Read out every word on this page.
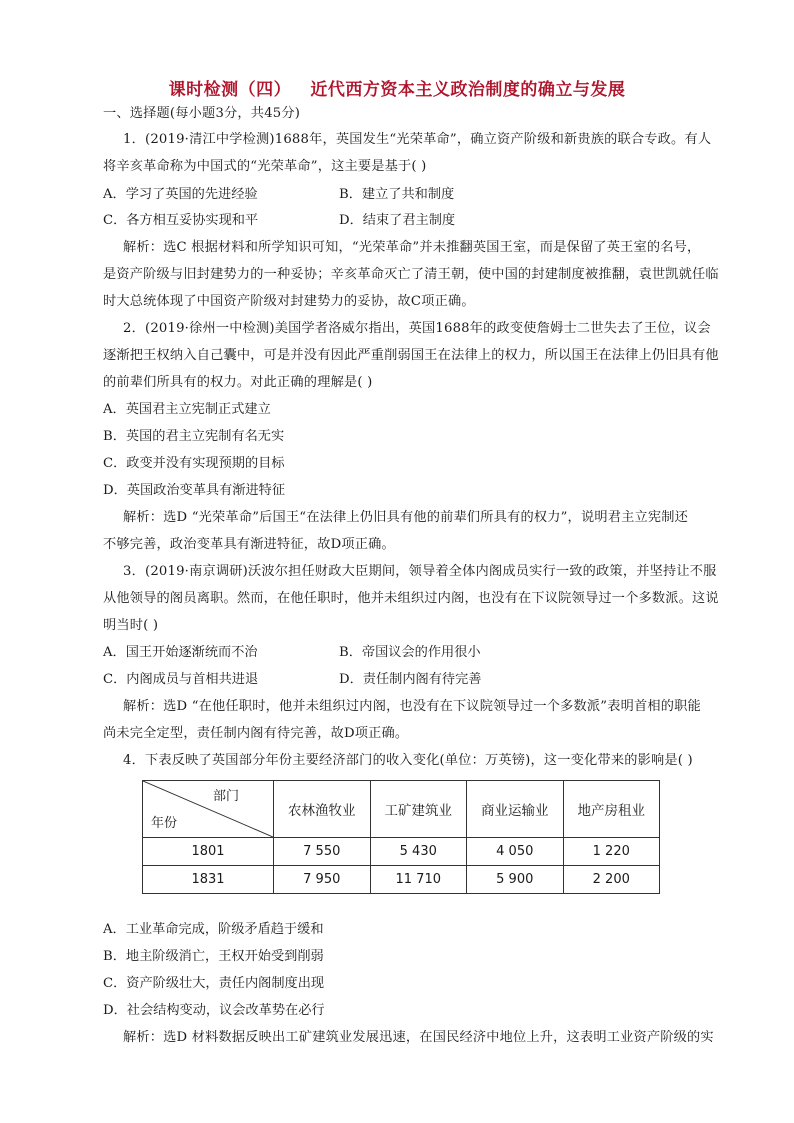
课时检测（四）   近代西方资本主义政治制度的确立与发展
一、选择题(每小题3分，共45分)
1．(2019·清江中学检测)1688年，英国发生“光荣革命”，确立资产阶级和新贵族的联合专政。有人
将辛亥革命称为中国式的“光荣革命”，这主要是基于( )
A．学习了英国的先进经验	B．建立了共和制度
C．各方相互妥协实现和平	D．结束了君主制度
解析：选C 根据材料和所学知识可知，“光荣革命”并未推翻英国王室，而是保留了英王室的名号，
是资产阶级与旧封建势力的一种妥协；辛亥革命灭亡了清王朝，使中国的封建制度被推翻，袁世凯就任临
时大总统体现了中国资产阶级对封建势力的妥协，故C项正确。
2．(2019·徐州一中检测)美国学者洛威尔指出，英国1688年的政变使詹姆士二世失去了王位，议会
逐渐把王权纳入自己囊中，可是并没有因此严重削弱国王在法律上的权力，所以国王在法律上仍旧具有他
的前辈们所具有的权力。对此正确的理解是( )
A．英国君主立宪制正式建立
B．英国的君主立宪制有名无实
C．政变并没有实现预期的目标
D．英国政治变革具有渐进特征
解析：选D “光荣革命”后国王“在法律上仍旧具有他的前辈们所具有的权力”，说明君主立宪制还
不够完善，政治变革具有渐进特征，故D项正确。
3．(2019·南京调研)沃波尔担任财政大臣期间，领导着全体内阁成员实行一致的政策，并坚持让不服
从他领导的阁员离职。然而，在他任职时，他并未组织过内阁，也没有在下议院领导过一个多数派。这说
明当时( )
A．国王开始逐渐统而不治	B．帝国议会的作用很小
C．内阁成员与首相共进退	D．责任制内阁有待完善
解析：选D “在他任职时，他并未组织过内阁，也没有在下议院领导过一个多数派”表明首相的职能
尚未完全定型，责任制内阁有待完善，故D项正确。
4．下表反映了英国部分年份主要经济部门的收入变化(单位：万英镑)，这一变化带来的影响是( )
部门
年份	农林渔牧业	工矿建筑业	商业运输业	地产房租业
1801	7 550	5 430	4 050	1 220
1831	7 950	11 710	5 900	2 200
A．工业革命完成，阶级矛盾趋于缓和
B．地主阶级消亡，王权开始受到削弱
C．资产阶级壮大，责任内阁制度出现
D．社会结构变动，议会改革势在必行
解析：选D 材料数据反映出工矿建筑业发展迅速，在国民经济中地位上升，这表明工业资产阶级的实
